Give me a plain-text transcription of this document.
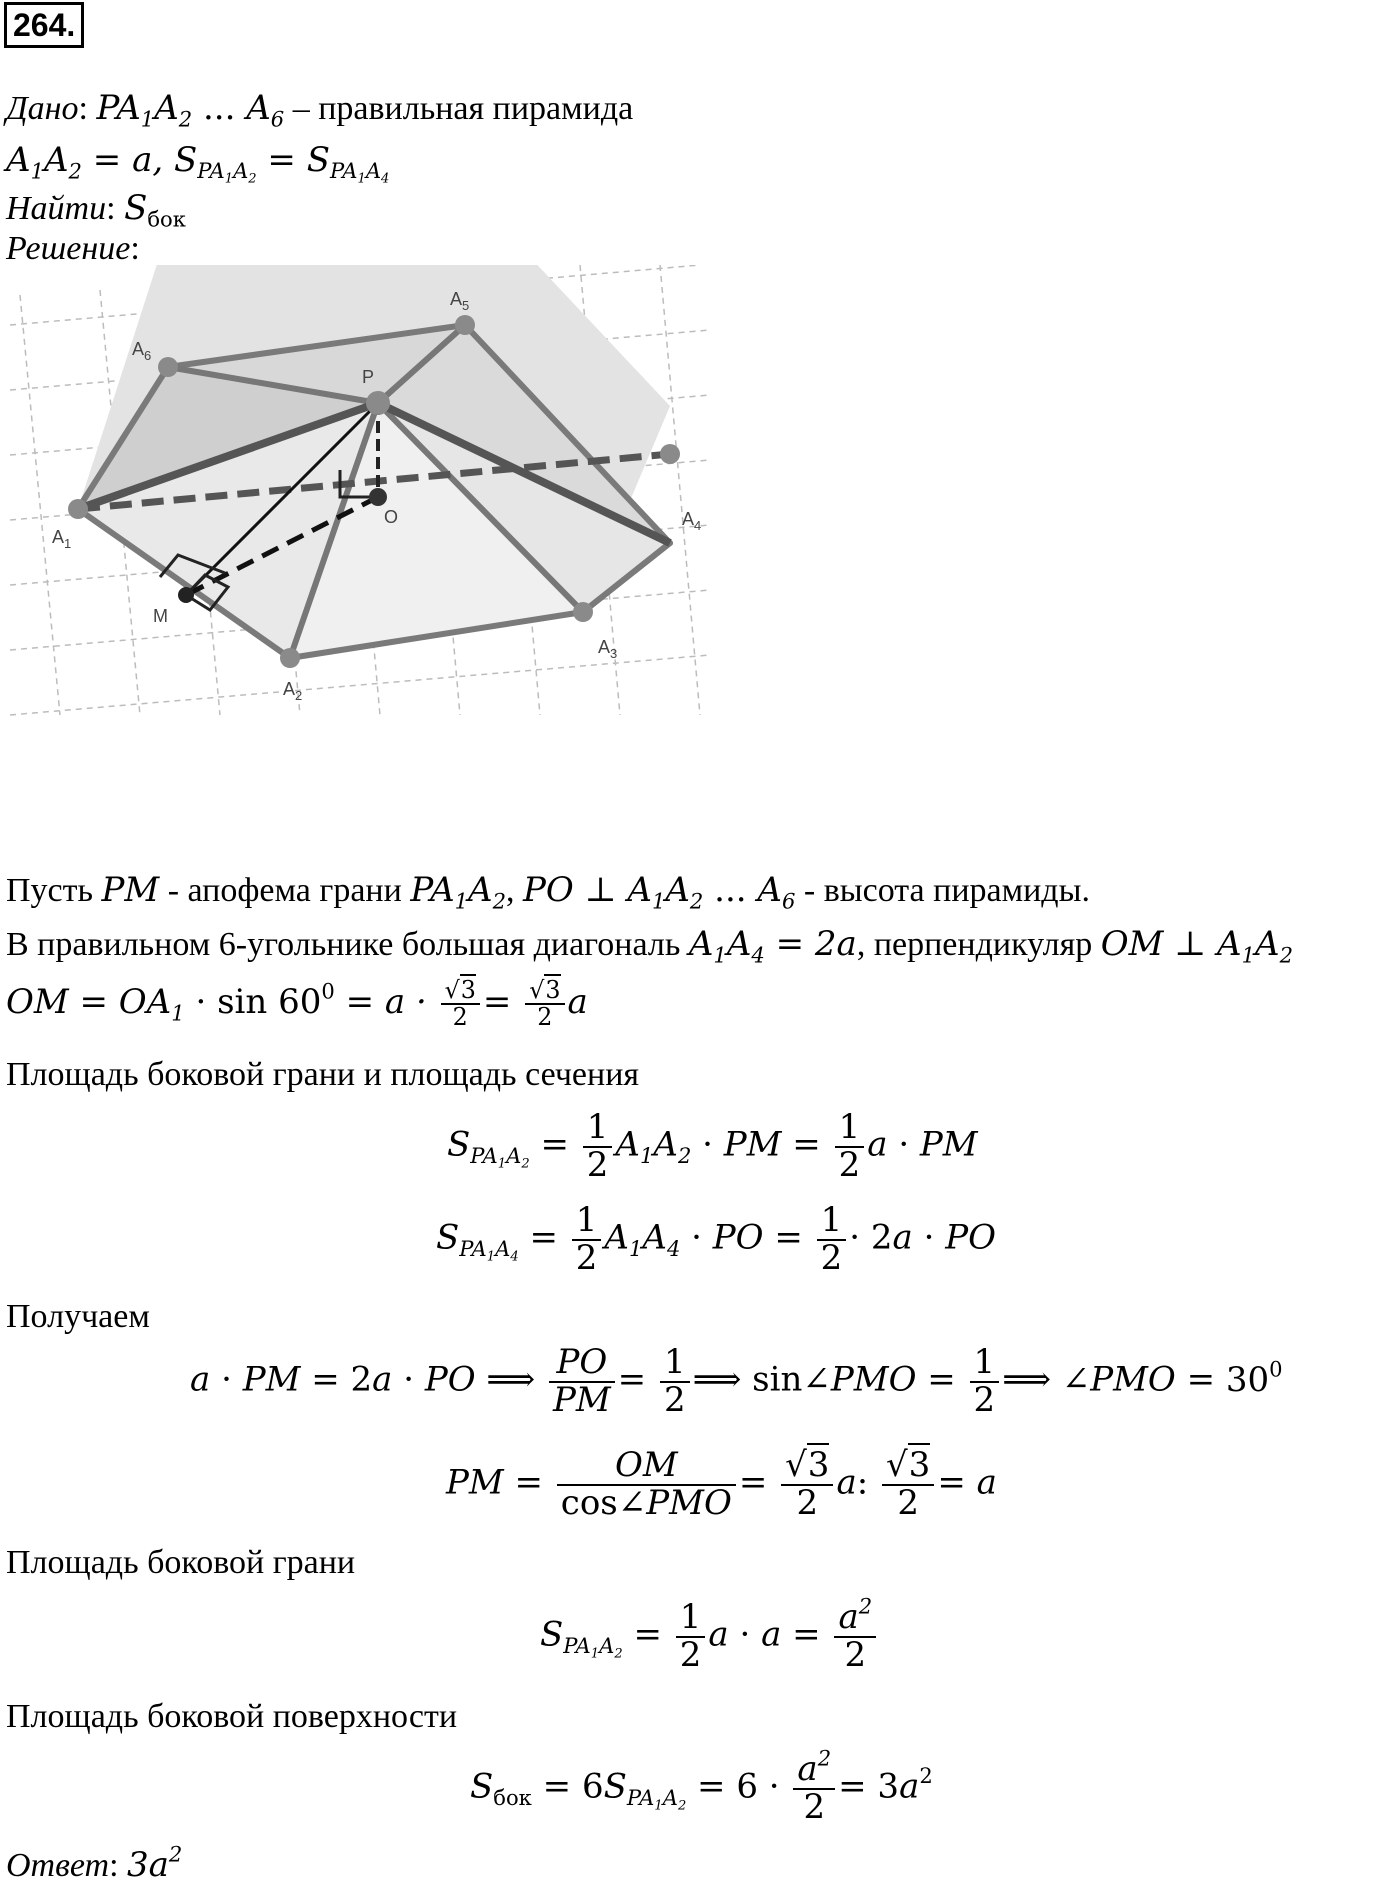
264.
Дано: $PA_1A_2$ ... $A_6$ – правильная пирамида
$A_1A_2 = a$, $S_{PA_1A_2} = S_{PA_1A_4}$
Найти: $S_{бок}$
Решение:
$A_1$
$A_2$
$A_3$
$A_4$
$A_5$
$A_6$
P
O
M
Пусть PM - апофема грани $PA_1A_2$, PO ⊥ $A_1A_2$ ... $A_6$ - высота пирамиды.
В правильном 6-угольнике большая диагональ $A_1A_4 = 2a$, перпендикуляр OM ⊥ $A_1A_2$
OM = $OA_1 \cdot \sin 60^0 = a \cdot \frac{√3}{2} = \frac{√3}{2}$ a
Площадь боковой грани и площадь сечения
$S_{PA_1A_2} = \frac{1}{2} A_1A_2$ · PM = $\frac{1}{2}$ a · PM
$S_{PA_1A_4} = \frac{1}{2} A_1A_4$ · PO = $\frac{1}{2} \cdot 2a$ · PO
Получаем
a · PM = 2a · PO ⟹ $\frac{PO}{PM} = \frac{1}{2}$ ⟹ sin∠PMO = $\frac{1}{2}$ ⟹ ∠PMO = $30^0$
PM = $\frac{OM}{\text{cos∠PMO}} = \frac{√3}{2} a$: $\frac{√3}{2} = a$
Площадь боковой грани
$S_{PA_1A_2} = \frac{1}{2}$ $a \cdot a = \frac{a^2}{2}$
Площадь боковой поверхности
$S_{бок} = 6S_{PA_1A_2} = 6 \cdot \frac{a^2}{2} = 3a^2$
Ответ: $3a^2$
